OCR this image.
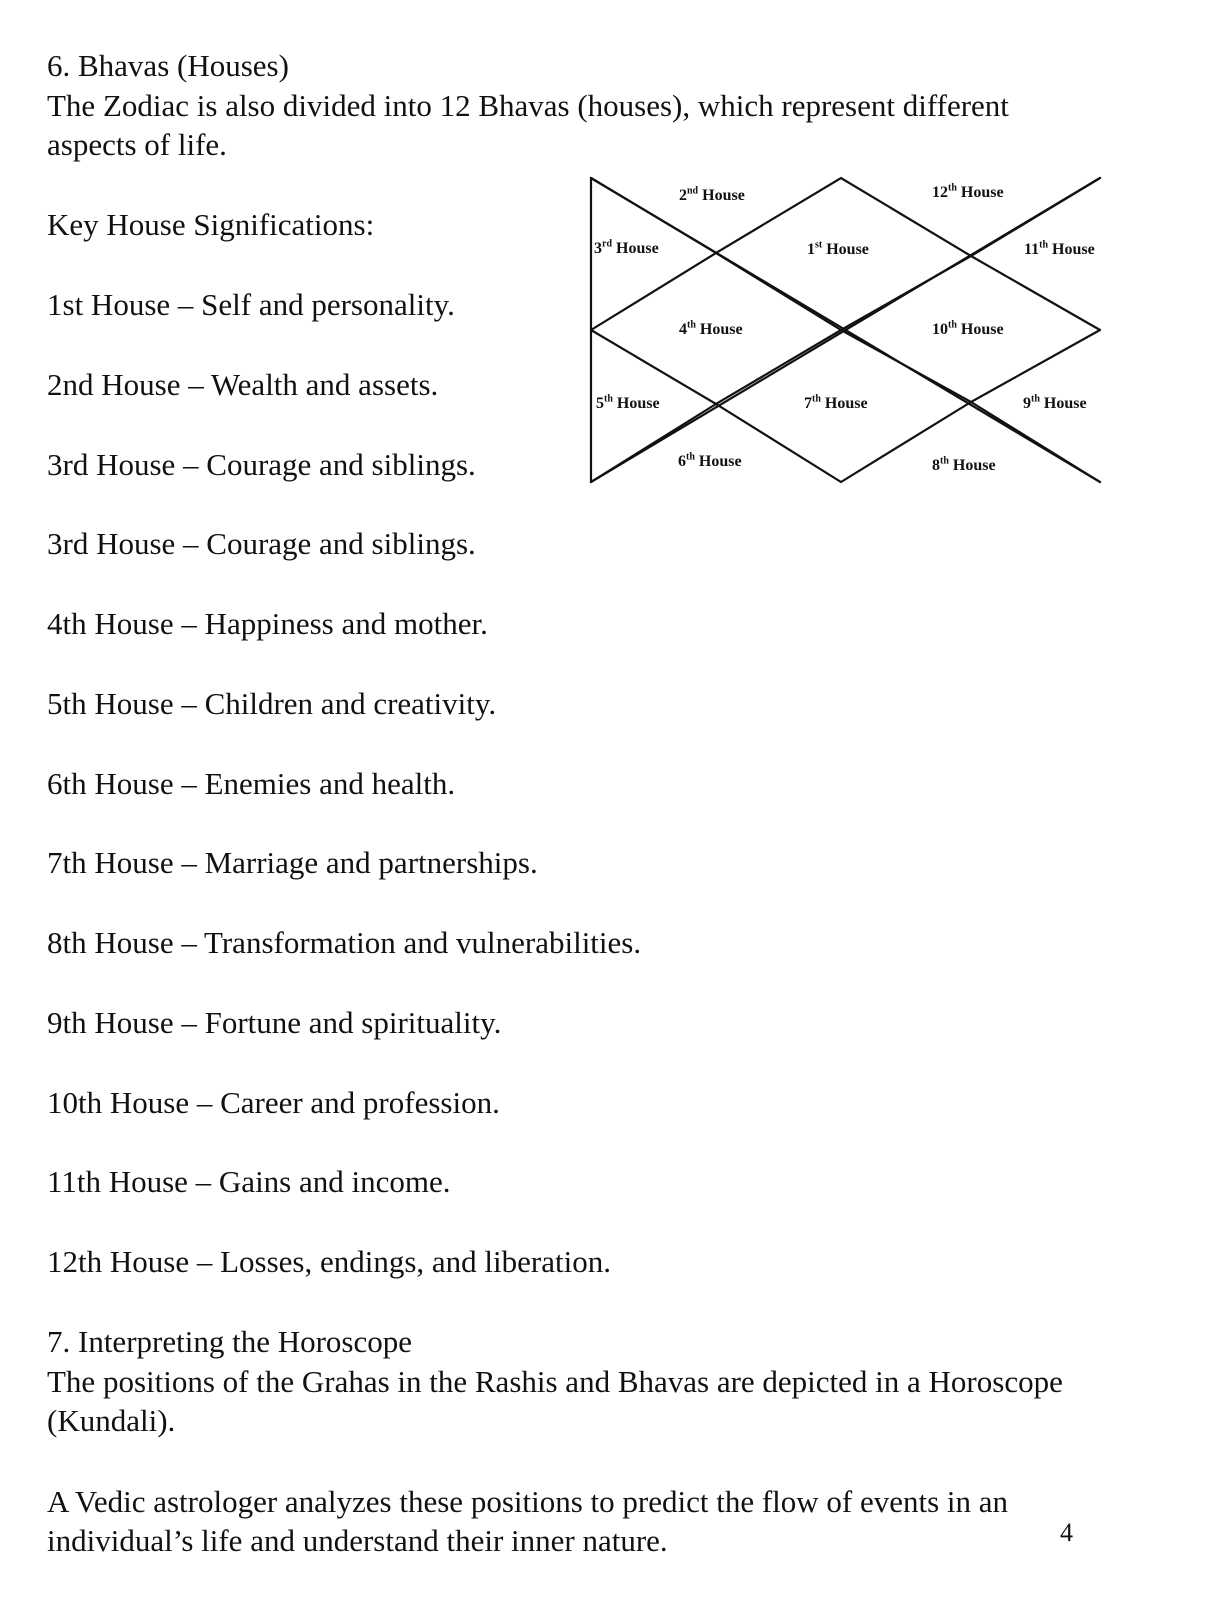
6. Bhavas (Houses)

The Zodiac is also divided into 12 Bhavas (houses), which represent different

aspects of life.

Key House Significations:

1st House – Self and personality.

2nd House – Wealth and assets.

3rd House – Courage and siblings.

3rd House – Courage and siblings.

4th House – Happiness and mother.

5th House – Children and creativity.

6th House – Enemies and health.

7th House – Marriage and partnerships.

8th House – Transformation and vulnerabilities.

9th House – Fortune and spirituality.

10th House – Career and profession.

11th House – Gains and income.

12th House – Losses, endings, and liberation.

2nd House	12th House
3rd House	1st House	11th House
4th House	10th House
5th House	7th House	9th House
6th House	8th House

7. Interpreting the Horoscope

The positions of the Grahas in the Rashis and Bhavas are depicted in a Horoscope

(Kundali).

A Vedic astrologer analyzes these positions to predict the flow of events in an

individual’s life and understand their inner nature.	4
